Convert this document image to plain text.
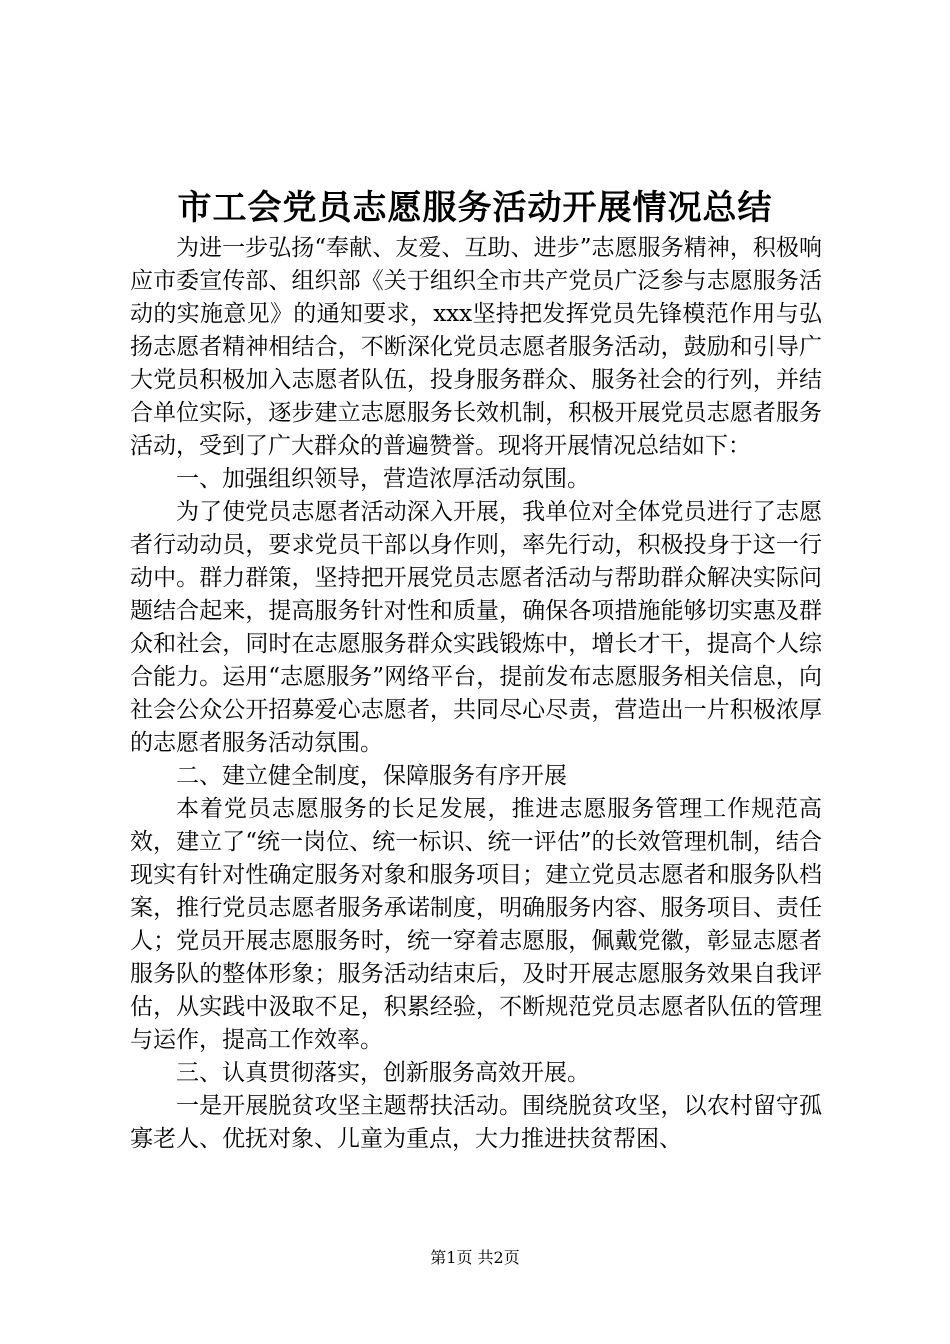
市工会党员志愿服务活动开展情况总结

为进一步弘扬“奉献、友爱、互助、进步”志愿服务精神，积极响应市委宣传部、组织部《关于组织全市共产党员广泛参与志愿服务活动的实施意见》的通知要求，xxx坚持把发挥党员先锋模范作用与弘扬志愿者精神相结合，不断深化党员志愿者服务活动，鼓励和引导广大党员积极加入志愿者队伍，投身服务群众、服务社会的行列，并结合单位实际，逐步建立志愿服务长效机制，积极开展党员志愿者服务活动，受到了广大群众的普遍赞誉。现将开展情况总结如下：

一、加强组织领导，营造浓厚活动氛围。

为了使党员志愿者活动深入开展，我单位对全体党员进行了志愿者行动动员，要求党员干部以身作则，率先行动，积极投身于这一行动中。群力群策，坚持把开展党员志愿者活动与帮助群众解决实际问题结合起来，提高服务针对性和质量，确保各项措施能够切实惠及群众和社会，同时在志愿服务群众实践锻炼中，增长才干，提高个人综合能力。运用“志愿服务”网络平台，提前发布志愿服务相关信息，向社会公众公开招募爱心志愿者，共同尽心尽责，营造出一片积极浓厚的志愿者服务活动氛围。

二、建立健全制度，保障服务有序开展

本着党员志愿服务的长足发展，推进志愿服务管理工作规范高效，建立了“统一岗位、统一标识、统一评估”的长效管理机制，结合现实有针对性确定服务对象和服务项目；建立党员志愿者和服务队档案，推行党员志愿者服务承诺制度，明确服务内容、服务项目、责任人；党员开展志愿服务时，统一穿着志愿服，佩戴党徽，彰显志愿者服务队的整体形象；服务活动结束后，及时开展志愿服务效果自我评估，从实践中汲取不足，积累经验，不断规范党员志愿者队伍的管理与运作，提高工作效率。

三、认真贯彻落实，创新服务高效开展。

一是开展脱贫攻坚主题帮扶活动。围绕脱贫攻坚，以农村留守孤寡老人、优抚对象、儿童为重点，大力推进扶贫帮困、

第1页 共2页
